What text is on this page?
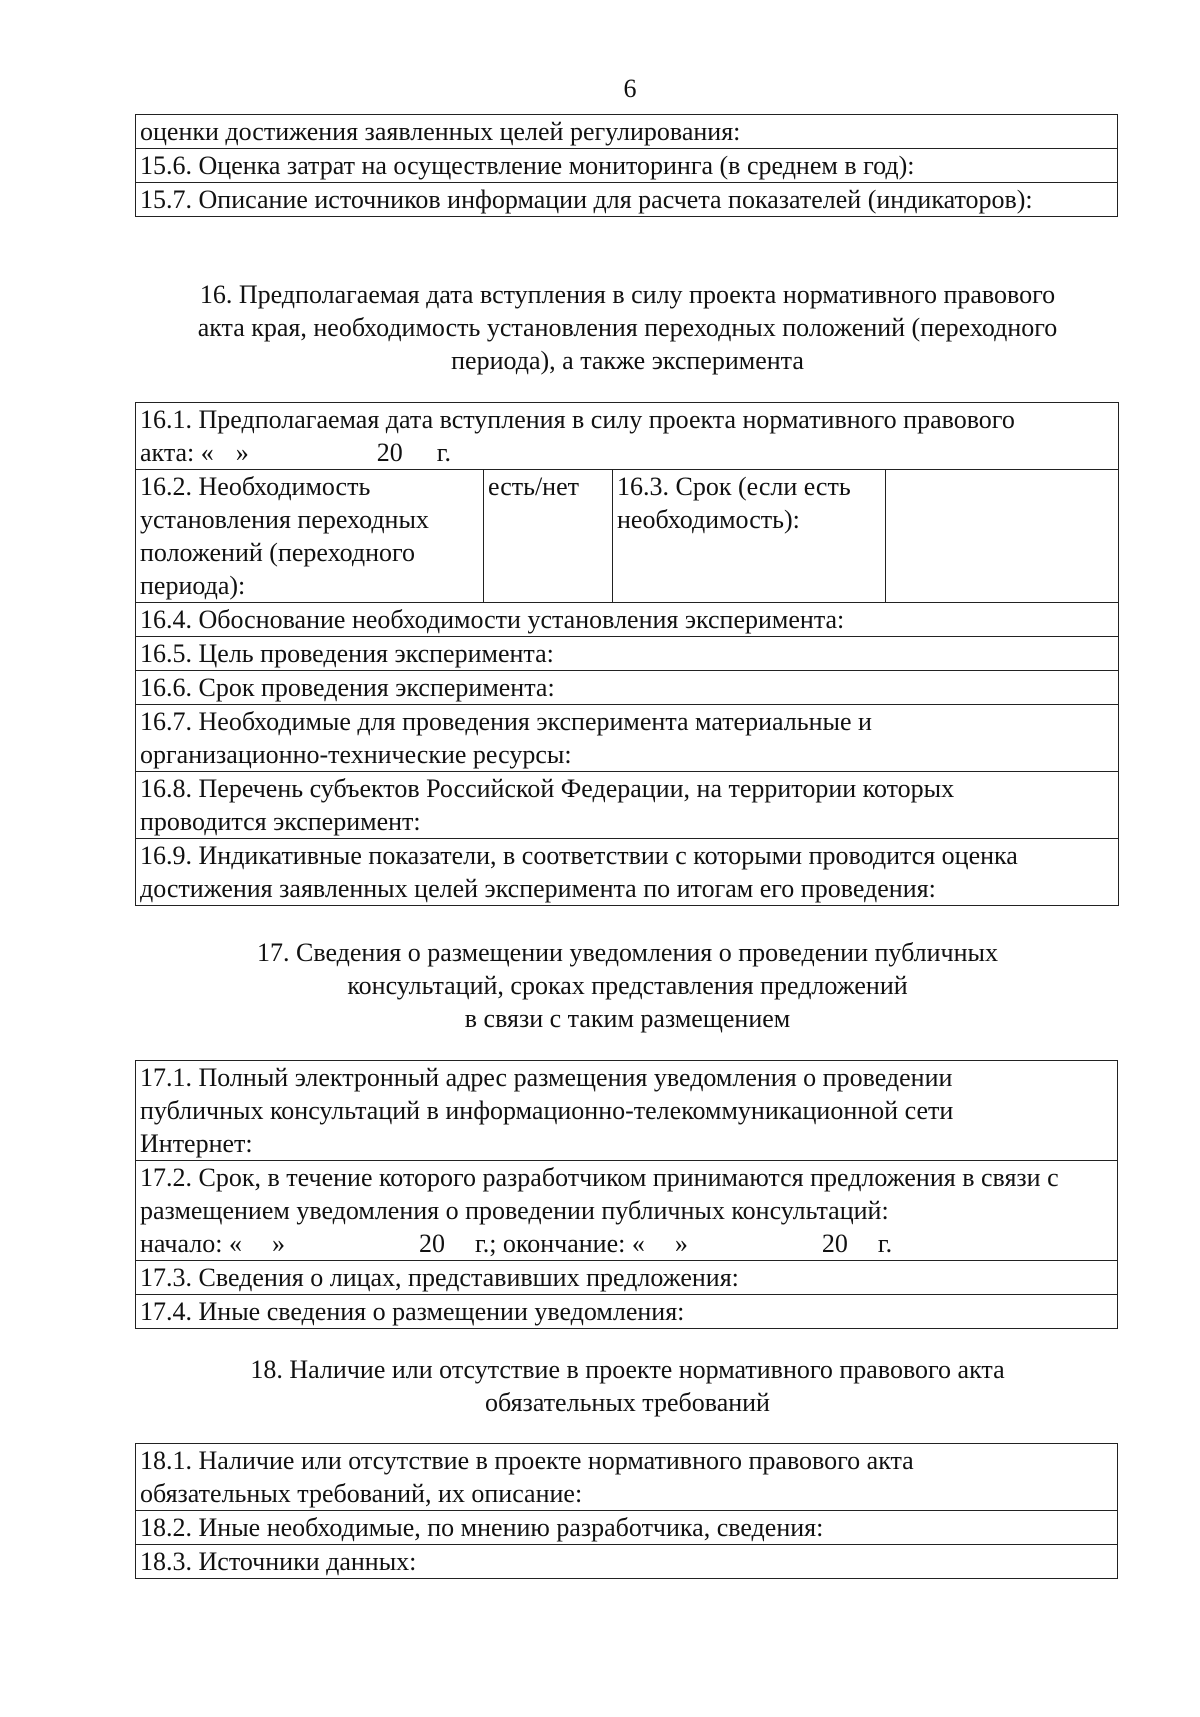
6
оценки достижения заявленных целей регулирования:
15.6. Оценка затрат на осуществление мониторинга (в среднем в год):
15.7. Описание источников информации для расчета показателей (индикаторов):
16. Предполагаемая дата вступления в силу проекта нормативного правового
акта края, необходимость установления переходных положений (переходного
периода), а также эксперимента
16.1. Предполагаемая дата вступления в силу проекта нормативного правового
акта: « »	20 г.

16.2. Необходимость установления переходных положений (переходного периода):	есть/нет	16.3. Срок (если есть необходимость):	
16.4. Обоснование необходимости установления эксперимента:
16.5. Цель проведения эксперимента:
16.6. Срок проведения эксперимента:
16.7. Необходимые для проведения эксперимента материальные и организационно-технические ресурсы:
16.8. Перечень субъектов Российской Федерации, на территории которых проводится эксперимент:
16.9. Индикативные показатели, в соответствии с которыми проводится оценка достижения заявленных целей эксперимента по итогам его проведения:
17. Сведения о размещении уведомления о проведении публичных
консультаций, сроках представления предложений
в связи с таким размещением
17.1. Полный электронный адрес размещения уведомления о проведении публичных консультаций в информационно-телекоммуникационной сети Интернет:

17.2. Срок, в течение которого разработчиком принимаются предложения в связи с размещением уведомления о проведении публичных консультаций:
начало: « »	20 г.; окончание: « »	20 г.

17.3. Сведения о лицах, представивших предложения:
17.4. Иные сведения о размещении уведомления:
18. Наличие или отсутствие в проекте нормативного правового акта
обязательных требований
18.1. Наличие или отсутствие в проекте нормативного правового акта обязательных требований, их описание:
18.2. Иные необходимые, по мнению разработчика, сведения:
18.3. Источники данных:
